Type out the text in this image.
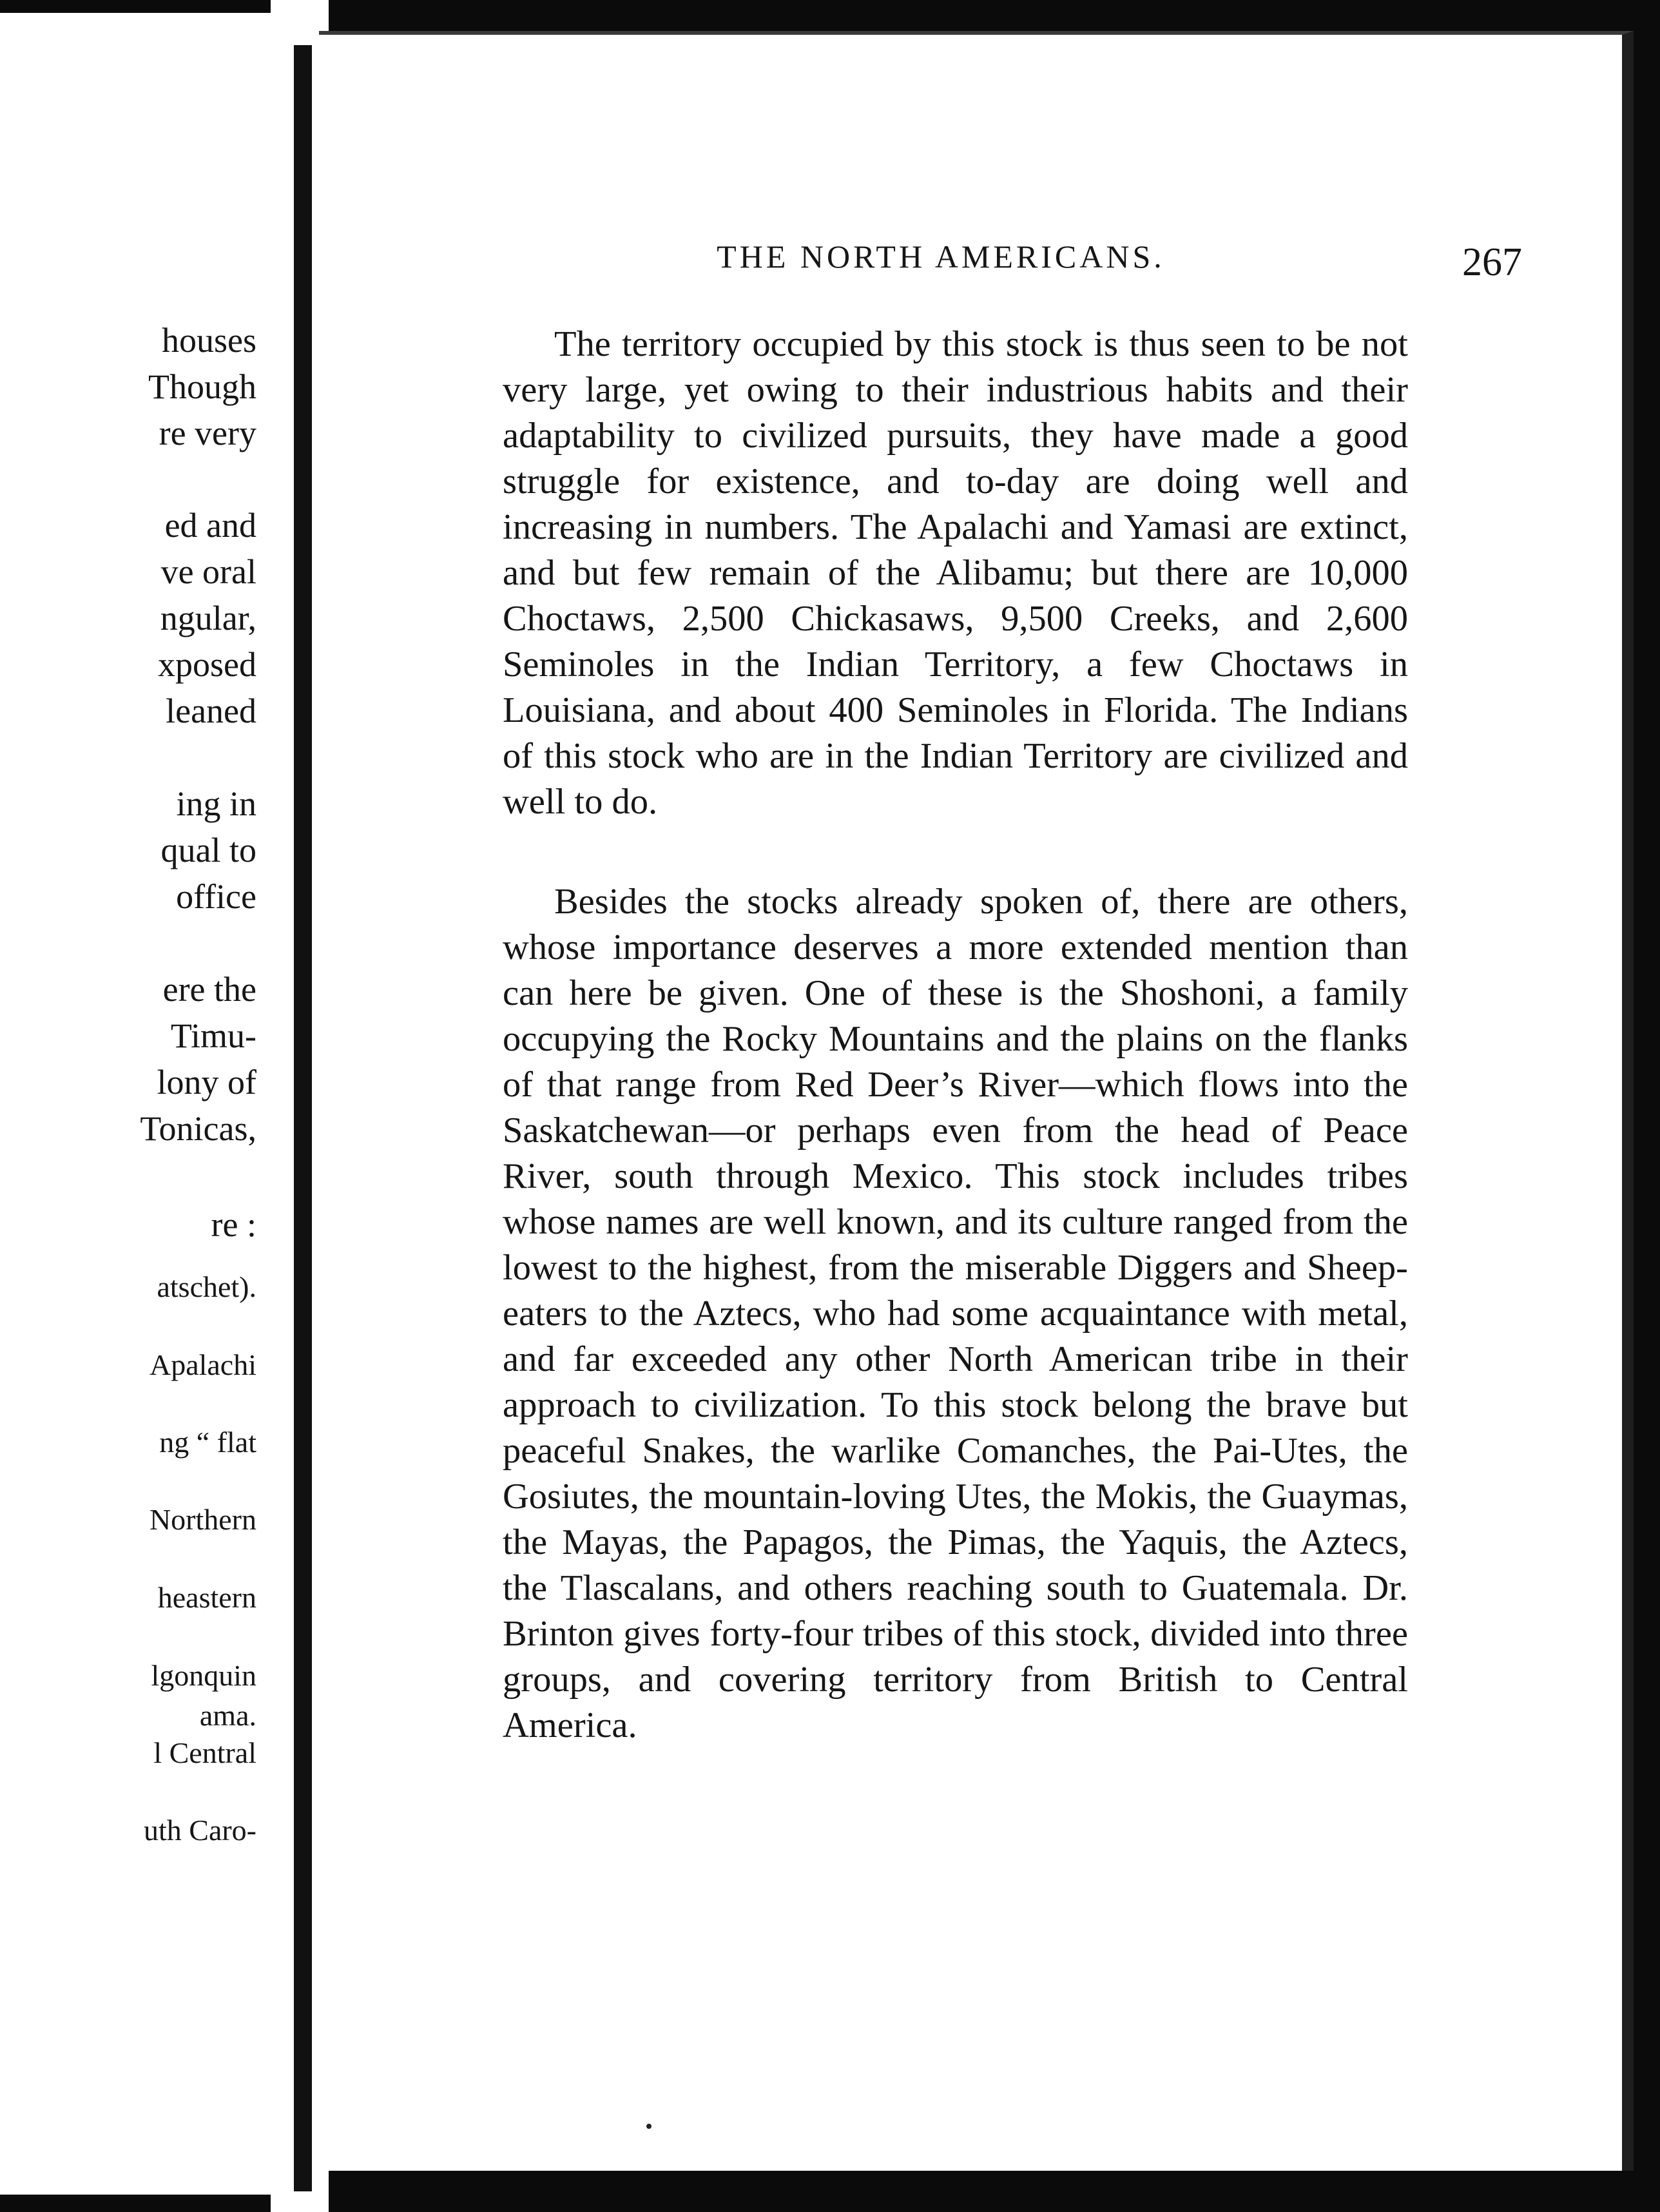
houses
Though
re very
ed and
ve oral
ngular,
xposed
leaned
ing in
qual to
office
ere the
Timu-
lony of
Tonicas,
re :
atschet).
Apalachi
ng “ flat
Northern
heastern
lgonquin
ama.
l Central
uth Caro-
THE NORTH AMERICANS.	267

The territory occupied by this stock is thus seen to be not very large, yet owing to their industrious habits and their adaptability to civilized pursuits, they have made a good struggle for existence, and to-day are doing well and increasing in numbers. The Apalachi and Yamasi are extinct, and but few remain of the Alibamu; but there are 10,000 Choctaws, 2,500 Chickasaws, 9,500 Creeks, and 2,600 Seminoles in the Indian Territory, a few Choctaws in Louisiana, and about 400 Seminoles in Florida. The Indians of this stock who are in the Indian Territory are civilized and well to do.

Besides the stocks already spoken of, there are others, whose importance deserves a more extended mention than can here be given. One of these is the Shoshoni, a family occupying the Rocky Mountains and the plains on the flanks of that range from Red Deer’s River—which flows into the Saskatchewan—or perhaps even from the head of Peace River, south through Mexico. This stock includes tribes whose names are well known, and its culture ranged from the lowest to the highest, from the miserable Diggers and Sheep-eaters to the Aztecs, who had some acquaintance with metal, and far exceeded any other North American tribe in their approach to civilization. To this stock belong the brave but peaceful Snakes, the warlike Comanches, the Pai-Utes, the Gosiutes, the mountain-loving Utes, the Mokis, the Guaymas, the Mayas, the Papagos, the Pimas, the Yaquis, the Aztecs, the Tlascalans, and others reaching south to Guatemala. Dr. Brinton gives forty-four tribes of this stock, divided into three groups, and covering territory from British to Central America.
